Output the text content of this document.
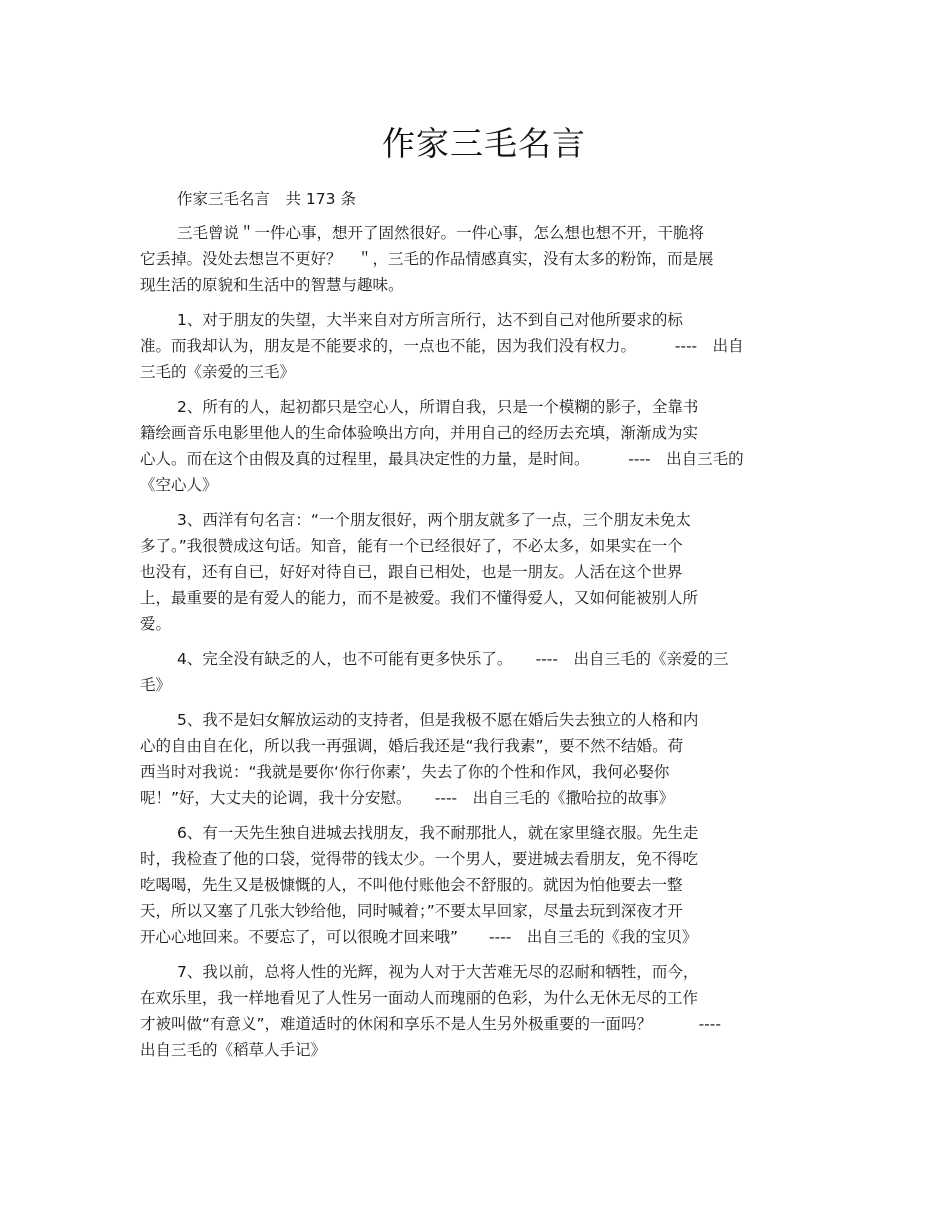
作家三毛名言

作家三毛名言　共 173 条

三毛曾说＂一件心事，想开了固然很好。一件心事，怎么想也想不开，干脆将
它丢掉。没处去想岂不更好？　＂，三毛的作品情感真实，没有太多的粉饰，而是展
现生活的原貌和生活中的智慧与趣味。

1、对于朋友的失望，大半来自对方所言所行，达不到自己对他所要求的标
准。而我却认为，朋友是不能要求的，一点也不能，因为我们没有权力。　　　----　出自
三毛的《亲爱的三毛》

2、所有的人，起初都只是空心人，所谓自我，只是一个模糊的影子，全靠书
籍绘画音乐电影里他人的生命体验唤出方向，并用自己的经历去充填，渐渐成为实
心人。而在这个由假及真的过程里，最具决定性的力量，是时间。　　　----　出自三毛的
《空心人》

3、西洋有句名言：“一个朋友很好，两个朋友就多了一点，三个朋友未免太
多了。”我很赞成这句话。知音，能有一个已经很好了，不必太多，如果实在一个
也没有，还有自已，好好对待自已，跟自已相处，也是一朋友。人活在这个世界
上，最重要的是有爱人的能力，而不是被爱。我们不懂得爱人，又如何能被别人所
爱。

4、完全没有缺乏的人，也不可能有更多快乐了。　　----　出自三毛的《亲爱的三
毛》

5、我不是妇女解放运动的支持者，但是我极不愿在婚后失去独立的人格和内
心的自由自在化，所以我一再强调，婚后我还是“我行我素”，要不然不结婚。荷
西当时对我说：“我就是要你‘你行你素’，失去了你的个性和作风，我何必娶你
呢！”好，大丈夫的论调，我十分安慰。　　----　出自三毛的《撒哈拉的故事》

6、有一天先生独自进城去找朋友，我不耐那批人，就在家里缝衣服。先生走
时，我检查了他的口袋，觉得带的钱太少。一个男人，要进城去看朋友，免不得吃
吃喝喝，先生又是极慷慨的人，不叫他付账他会不舒服的。就因为怕他要去一整
天，所以又塞了几张大钞给他，同时喊着；”不要太早回家，尽量去玩到深夜才开
开心心地回来。不要忘了，可以很晚才回来哦”　　----　出自三毛的《我的宝贝》

7、我以前，总将人性的光辉，视为人对于大苦难无尽的忍耐和牺牲，而今，
在欢乐里，我一样地看见了人性另一面动人而瑰丽的色彩，为什么无休无尽的工作
才被叫做“有意义”，难道适时的休闲和享乐不是人生另外极重要的一面吗？　　　----
出自三毛的《稻草人手记》
